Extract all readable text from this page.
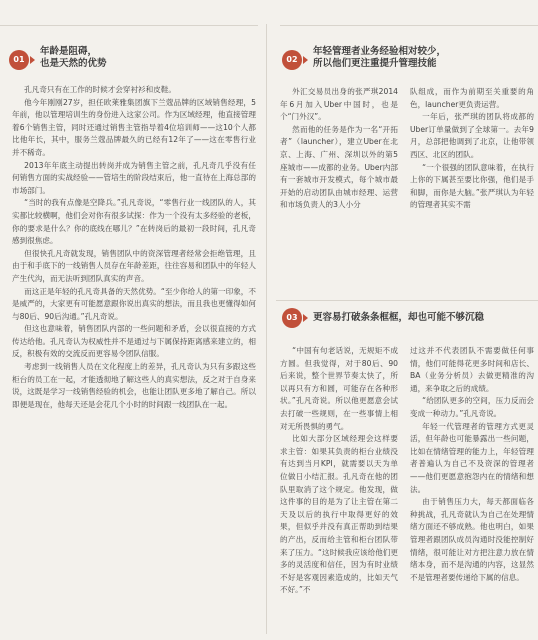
01
年龄是阻碍，
也是天然的优势	02
年轻管理者业务经验相对较少，
所以他们更注重提升管理技能
03	更容易打破条条框框，却也可能不够沉稳

孔凡奇只有在工作的时候才会穿衬衫和皮鞋。

他今年刚刚27岁，担任欧莱雅集团旗下兰蔻品牌的区域销售经理，5年前，他以管理培训生的身份进入这家公司。作为区域经理，他直接管理着6个销售主管，同时还通过销售主管指导着4位培训师——这10个人都比他年长，其中，服务兰蔻品牌最久的已经有12年了——这在零售行业并不稀奇。

2013年年底主动提出转岗并成为销售主管之前，孔凡奇几乎没有任何销售方面的实战经验——管培生的阶段结束后，他一直待在上海总部的市场部门。

“当时的我有点像是空降兵。”孔凡奇说，“零售行业一线团队的人，其实都比较横啊，他们会对你有很多试探：作为一个没有太多经验的老板，你的要求是什么？你的底线在哪儿？”在转岗后的最初一段时间，孔凡奇感到很焦虑。

但很快孔凡奇就发现，销售团队中的资深管理者经常会拒绝管理，且由于和手底下的一线销售人员存在年龄差距，往往容易和团队中的年轻人产生代沟，而无法听到团队真实的声音。

而这正是年轻的孔凡奇具备的天然优势。“至少你给人的第一印象，不是威严的，大家更有可能愿意跟你说出真实的想法，而且我也更懂得如何与80后、90后沟通。”孔凡奇说。

但这也意味着，销售团队内部的一些问题和矛盾，会以很直接的方式传达给他。孔凡奇认为权威性并不是通过与下属保持距离感来建立的，相反，积极有效的交流反而更容易令团队信服。

考虑到一线销售人员在文化程度上的差异，孔凡奇认为只有多跟这些柜台的员工在一起，才能透彻地了解这些人的真实想法，反之对于自身来说，这既是学习一线销售经验的机会，也能让团队更多地了解自己。所以即便是现在，他每天还是会花几个小时的时间跟一线团队在一起。

外汇交易员出身的张严琪2014年6月加入Uber中国时，也是个“门外汉”。

然而他的任务是作为一名“开拓者”（launcher），建立Uber在北京、上海、广州、深圳以外的第5座城市——成都的业务。Uber内部有一套城市开发模式，每个城市最开始的启动团队由城市经理、运营和市场负责人的3人小分

队组成，而作为前期至关重要的角色，launcher更负责运营。

一年后，张严琪的团队将成都的Uber订单量做到了全球第一。去年9月，总部把他调到了北京，让他带领西区、北区的团队。

“一个很强的团队意味着，在执行上你的下属甚至要比你强，他们是手和脚，而你是大脑。”张严琪认为年轻的管理者其实不需

“中国有句老话说，无规矩不成方圆。但我觉得，对于80后、90后来说，整个世界节奏太快了，所以再只有方和圆，可能存在各种形状。”孔凡奇说。所以他更愿意会试去打破一些规则，在一些事情上相对无所畏惧的勇气。

比如大部分区域经理会这样要求主管：如果其负责的柜台业绩没有达到当月KPI，就需要以天为单位做日小结汇报。孔凡奇在他的团队里取消了这个规定。他发现，做这件事的目的是为了让主管在第二天及以后的执行中取得更好的效果，但似乎并没有真正帮助到结果的产出，反而给主管和柜台团队带来了压力。“这时候我应该给他们更多的灵活度和信任，因为有时业绩不好是客观因素造成的，比如天气不好。”不

过这并不代表团队不需要做任何事情，他们可能得花更多时间和店长、BA（业务分析员）去做更精准的沟通，来争取之后的成绩。

“给团队更多的空间，压力反而会变成一种动力。”孔凡奇说。

年轻一代管理者的管理方式更灵活，但年龄也可能暴露出一些问题，比如在情绪管理的能力上，年轻管理者普遍认为自己不及资深的管理者——他们更愿意抱怨内在的情绪和想法。

由于销售压力大，每天都面临各种挑战，孔凡奇就认为自己在处理情绪方面还不够成熟。他也明白，如果管理者跟团队成员沟通时没能控制好情绪，很可能让对方把注意力放在情绪本身，而不是沟通的内容，这显然不是管理者要传递给下属的信息。
